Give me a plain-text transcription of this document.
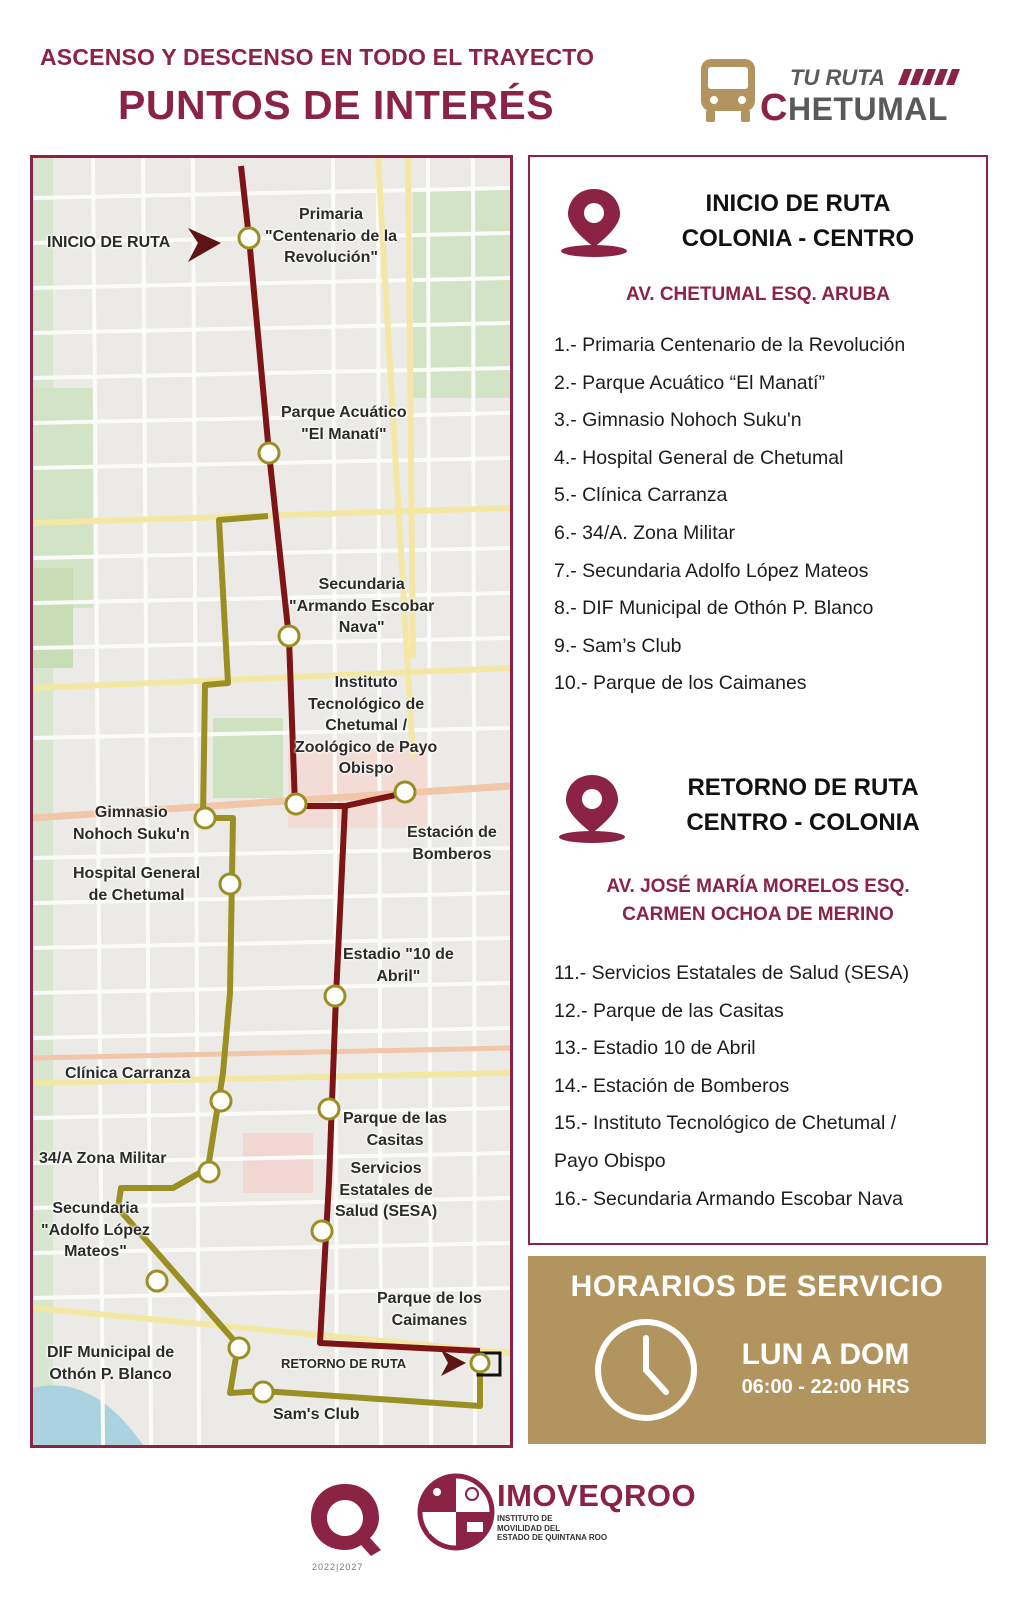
ASCENSO Y DESCENSO EN TODO EL TRAYECTO
PUNTOS DE INTERÉS
TU RUTA
CHETUMAL
INICIO DE RUTA
Primaria
"Centenario de la
Revolución"
Parque Acuático
"El Manatí"
Secundaria
"Armando Escobar
Nava"
Instituto
Tecnológico de
Chetumal /
Zoológico de Payo
Obispo
Gimnasio
Nohoch Suku'n	Estación de
Bomberos
Hospital General
de Chetumal
Estadio "10 de
Abril"
Clínica Carranza
Parque de las
Casitas
34/A Zona Militar
Servicios
Estatales de
Salud (SESA)
Secundaria
"Adolfo López
Mateos"
Parque de los
Caimanes
DIF Municipal de
Othón P. Blanco
RETORNO DE RUTA
Sam's Club
INICIO DE RUTA
COLONIA - CENTRO
AV. CHETUMAL ESQ. ARUBA
1.- Primaria Centenario de la Revolución
2.- Parque Acuático “El Manatí”
3.- Gimnasio Nohoch Suku'n
4.- Hospital General de Chetumal
5.- Clínica Carranza
6.- 34/A. Zona Militar
7.- Secundaria Adolfo López Mateos
8.- DIF Municipal de Othón P. Blanco
9.- Sam’s Club
10.- Parque de los Caimanes
RETORNO DE RUTA
CENTRO - COLONIA
AV. JOSÉ MARÍA MORELOS ESQ.
CARMEN OCHOA DE MERINO
11.- Servicios Estatales de Salud (SESA)
12.- Parque de las Casitas
13.- Estadio 10 de Abril
14.- Estación de Bomberos
15.- Instituto Tecnológico de Chetumal /
Payo Obispo
16.- Secundaria Armando Escobar Nava
HORARIOS DE SERVICIO
LUN A DOM
06:00 - 22:00 HRS
2022|2027
IMOVEQROO
INSTITUTO DE
MOVILIDAD DEL
ESTADO DE QUINTANA ROO
